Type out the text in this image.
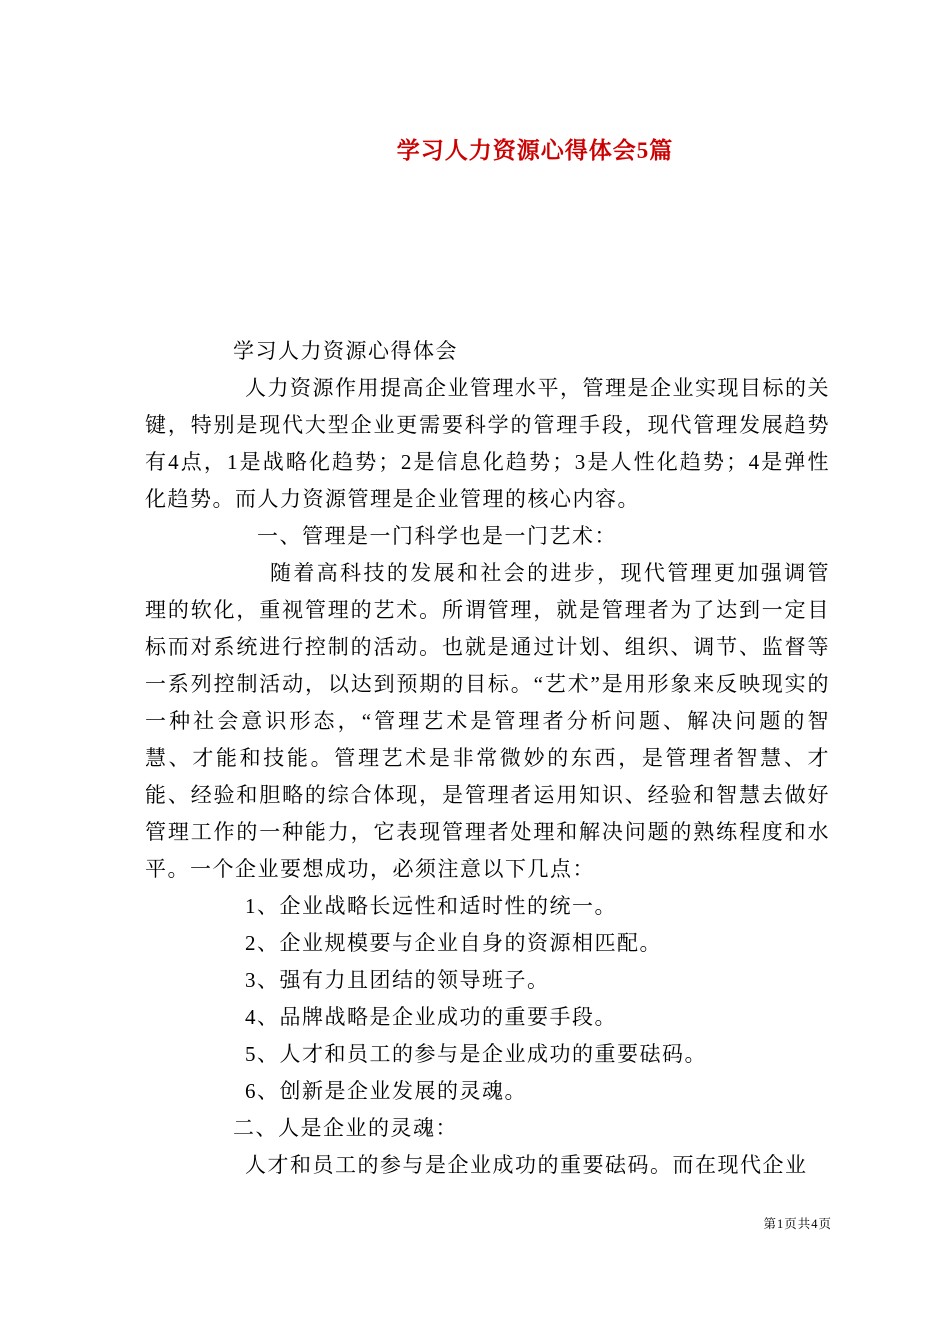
学习人力资源心得体会5篇

学习人力资源心得体会

人力资源作用提高企业管理水平，管理是企业实现目标的关键，特别是现代大型企业更需要科学的管理手段，现代管理发展趋势有4点，1是战略化趋势；2是信息化趋势；3是人性化趋势；4是弹性化趋势。而人力资源管理是企业管理的核心内容。

一、管理是一门科学也是一门艺术：

随着高科技的发展和社会的进步，现代管理更加强调管理的软化，重视管理的艺术。所谓管理，就是管理者为了达到一定目标而对系统进行控制的活动。也就是通过计划、组织、调节、监督等一系列控制活动，以达到预期的目标。“艺术”是用形象来反映现实的一种社会意识形态，“管理艺术是管理者分析问题、解决问题的智慧、才能和技能。管理艺术是非常微妙的东西，是管理者智慧、才能、经验和胆略的综合体现，是管理者运用知识、经验和智慧去做好管理工作的一种能力，它表现管理者处理和解决问题的熟练程度和水平。一个企业要想成功，必须注意以下几点：

1、企业战略长远性和适时性的统一。

2、企业规模要与企业自身的资源相匹配。

3、强有力且团结的领导班子。

4、品牌战略是企业成功的重要手段。

5、人才和员工的参与是企业成功的重要砝码。

6、创新是企业发展的灵魂。

二、人是企业的灵魂：

人才和员工的参与是企业成功的重要砝码。而在现代企业

第1页共4页
